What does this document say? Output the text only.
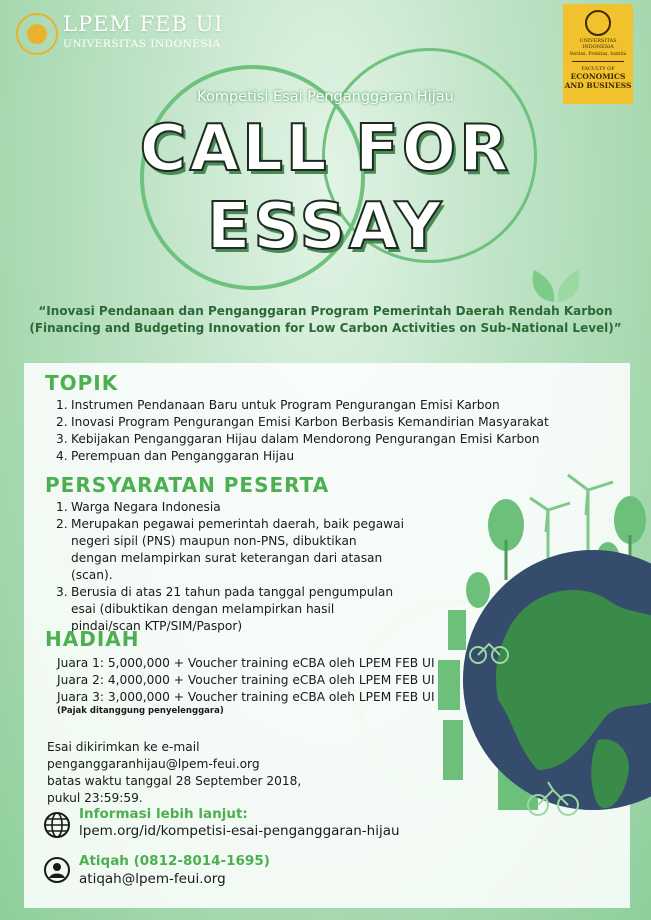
LPEM FEB UI
UNIVERSITAS INDONESIA	UNIVERSITAS INDONESIA
Veritas, Probitas, Iustitia
FACULTY OF
ECONOMICS
AND BUSINESS
Kompetisi Esai Penganggaran Hijau
CALL FOR
ESSAY
“Inovasi Pendanaan dan Penganggaran Program Pemerintah Daerah Rendah Karbon
(Financing and Budgeting Innovation for Low Carbon Activities on Sub-National Level)”
TOPIK
1. Instrumen Pendanaan Baru untuk Program Pengurangan Emisi Karbon
2. Inovasi Program Pengurangan Emisi Karbon Berbasis Kemandirian Masyarakat
3. Kebijakan Penganggaran Hijau dalam Mendorong Pengurangan Emisi Karbon
4. Perempuan dan Penganggaran Hijau
PERSYARATAN PESERTA
1. Warga Negara Indonesia
2. Merupakan pegawai pemerintah daerah, baik pegawai negeri sipil (PNS) maupun non-PNS, dibuktikan dengan melampirkan surat keterangan dari atasan (scan).
3. Berusia di atas 21 tahun pada tanggal pengumpulan esai (dibuktikan dengan melampirkan hasil pindai/scan KTP/SIM/Paspor)
HADIAH
Juara 1: 5,000,000 + Voucher training eCBA oleh LPEM FEB UI
Juara 2: 4,000,000 + Voucher training eCBA oleh LPEM FEB UI
Juara 3: 3,000,000 + Voucher training eCBA oleh LPEM FEB UI
(Pajak ditanggung penyelenggara)
Esai dikirimkan ke e-mail
penganggaranhijau@lpem-feui.org
batas waktu tanggal 28 September 2018,
pukul 23:59:59.
Informasi lebih lanjut:
lpem.org/id/kompetisi-esai-penganggaran-hijau
Atiqah (0812-8014-1695)
atiqah@lpem-feui.org
